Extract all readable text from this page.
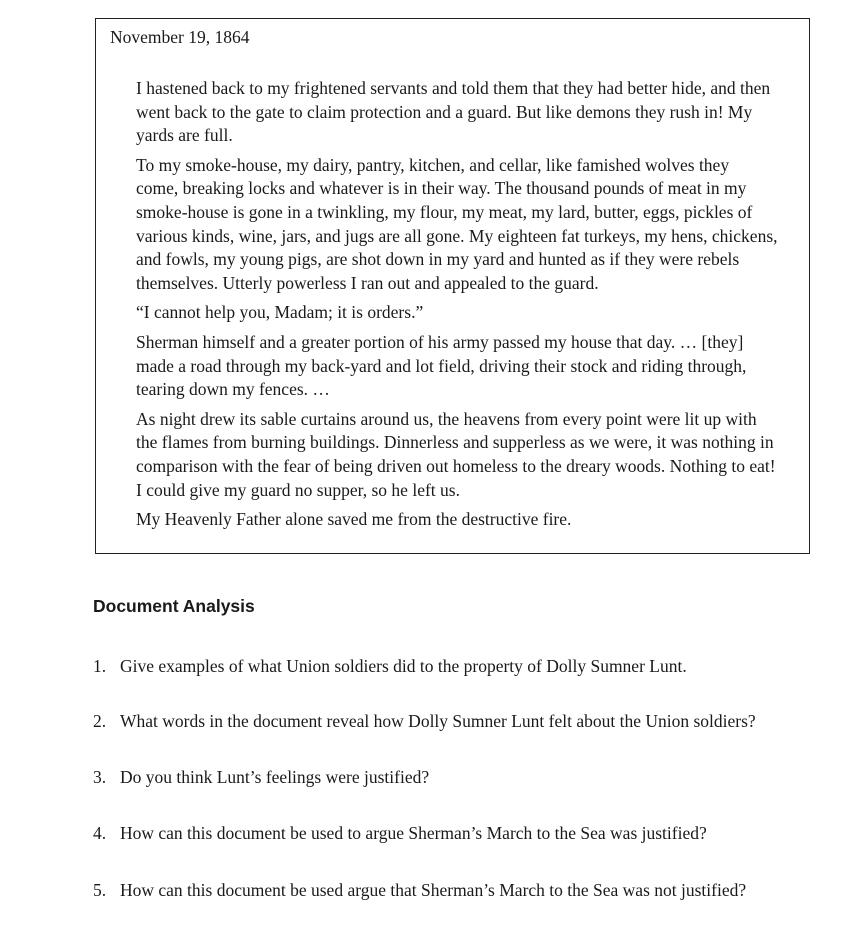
November 19, 1864
I hastened back to my frightened servants and told them that they had better hide, and then
went back to the gate to claim protection and a guard. But like demons they rush in! My
yards are full.
To my smoke-house, my dairy, pantry, kitchen, and cellar, like famished wolves they
come, breaking locks and whatever is in their way. The thousand pounds of meat in my
smoke-house is gone in a twinkling, my flour, my meat, my lard, butter, eggs, pickles of
various kinds, wine, jars, and jugs are all gone. My eighteen fat turkeys, my hens, chickens,
and fowls, my young pigs, are shot down in my yard and hunted as if they were rebels
themselves. Utterly powerless I ran out and appealed to the guard.
“I cannot help you, Madam; it is orders.”
Sherman himself and a greater portion of his army passed my house that day. … [they]
made a road through my back-yard and lot field, driving their stock and riding through,
tearing down my fences. …
As night drew its sable curtains around us, the heavens from every point were lit up with
the flames from burning buildings. Dinnerless and supperless as we were, it was nothing in
comparison with the fear of being driven out homeless to the dreary woods. Nothing to eat!
I could give my guard no supper, so he left us.
My Heavenly Father alone saved me from the destructive fire.
Document Analysis
1. Give examples of what Union soldiers did to the property of Dolly Sumner Lunt.
2. What words in the document reveal how Dolly Sumner Lunt felt about the Union soldiers?
3. Do you think Lunt’s feelings were justified?
4. How can this document be used to argue Sherman’s March to the Sea was justified?
5. How can this document be used argue that Sherman’s March to the Sea was not justified?
